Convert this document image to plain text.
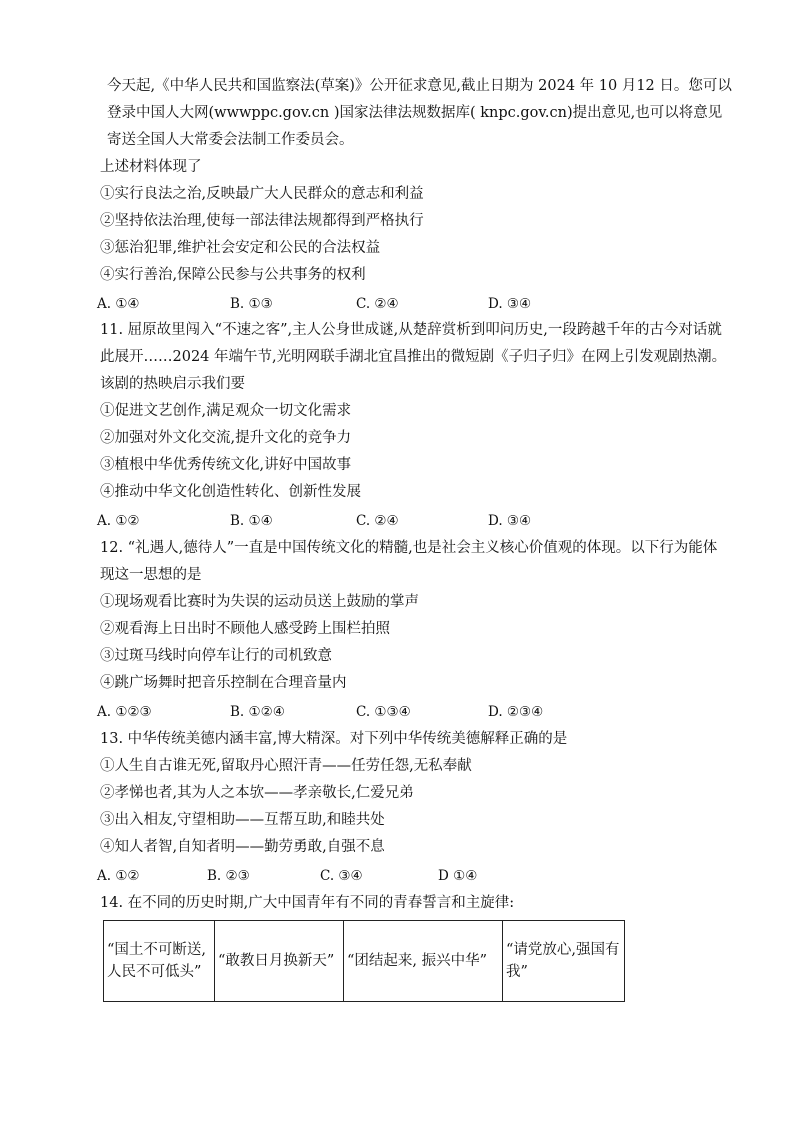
今天起,《中华人民共和国监察法(草案)》公开征求意见,截止日期为 2024 年 10 月12 日。您可以
登录中国人大网(wwwppc.gov.cn )国家法律法规数据库( knpc.gov.cn)提出意见,也可以将意见
寄送全国人大常委会法制工作委员会。
上述材料体现了
①实行良法之治,反映最广大人民群众的意志和利益
②坚持依法治理,使每一部法律法规都得到严格执行
③惩治犯罪,维护社会安定和公民的合法权益
④实行善治,保障公民参与公共事务的权利
A. ①④	B. ①③	C. ②④	D. ③④
11. 屈原故里闯入“不速之客”,主人公身世成谜,从楚辞赏析到叩问历史,一段跨越千年的古今对话就
此展开……2024 年端午节,光明网联手湖北宜昌推出的微短剧《子归子归》在网上引发观剧热潮。
该剧的热映启示我们要
①促进文艺创作,满足观众一切文化需求
②加强对外文化交流,提升文化的竞争力
③植根中华优秀传统文化,讲好中国故事
④推动中华文化创造性转化、创新性发展
A. ①②	B. ①④	C. ②④	D. ③④
12. “礼遇人,德待人”一直是中国传统文化的精髓,也是社会主义核心价值观的体现。以下行为能体
现这一思想的是
①现场观看比赛时为失误的运动员送上鼓励的掌声
②观看海上日出时不顾他人感受跨上围栏拍照
③过斑马线时向停车让行的司机致意
④跳广场舞时把音乐控制在合理音量内
A. ①②③	B. ①②④	C. ①③④	D. ②③④
13. 中华传统美德内涵丰富,博大精深。对下列中华传统美德解释正确的是
①人生自古谁无死,留取丹心照汗青——任劳任怨,无私奉献
②孝悌也者,其为人之本欤——孝亲敬长,仁爱兄弟
③出入相友,守望相助——互帮互助,和睦共处
④知人者智,自知者明——勤劳勇敢,自强不息
A. ①②	B. ②③	C. ③④	D ①④
14. 在不同的历史时期,广大中国青年有不同的青春誓言和主旋律:
“国土不可断送,人民不可低头”	“敢教日月换新天”	“团结起来, 振兴中华”	“请党放心,强国有我”
